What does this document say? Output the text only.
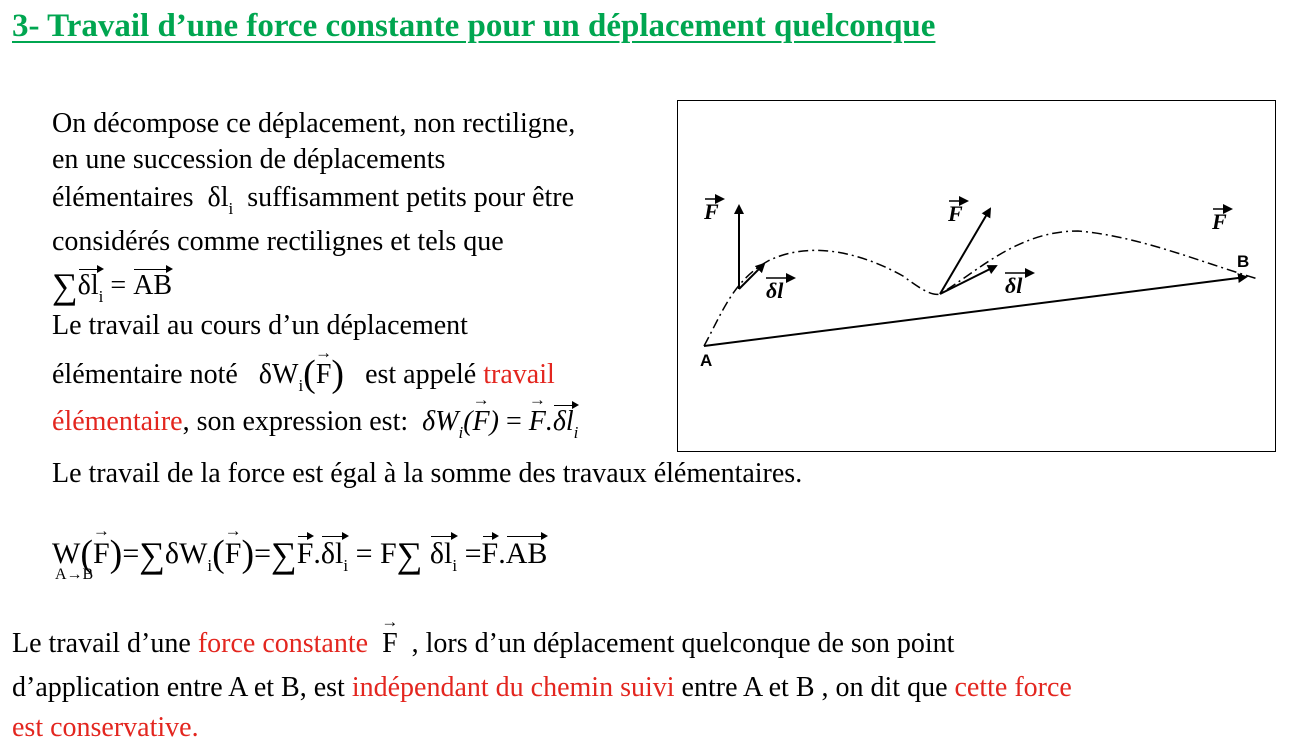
3- Travail d’une force constante pour un déplacement quelconque
On décompose ce déplacement, non rectiligne,
en une succession de déplacements
élémentaires $\delta l_i$ suffisamment petits pour être
considérés comme rectilignes et tels que
$\sum\delta l_i$ = AB
Le travail au cours d’un déplacement
élémentaire noté $\delta W_i(F$ →) est appelé travail
élémentaire, son expression est: $\delta W_i(F$ →) = $F \to.\delta l_i$
F	F	F
δl	δl
A
B
Le travail de la force est égal à la somme des travaux élémentaires.
W
A→B
$(F \to)=\sum\delta W_i(F \to)=\sum F.\delta l_i = F\sum$ $\delta l_i =F.AB$
Le travail d’une force constante F → , lors d’un déplacement quelconque de son point
d’application entre A et B, est indépendant du chemin suivi entre A et B , on dit que cette force
est conservative.
